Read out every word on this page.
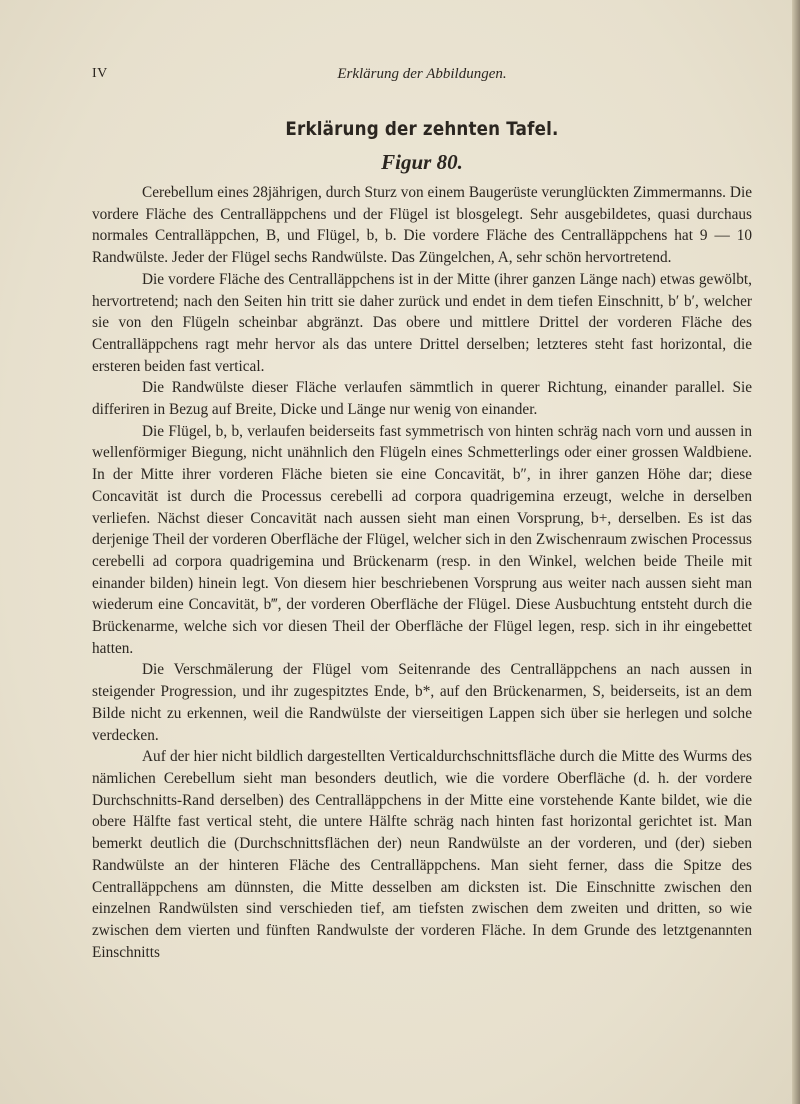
IV	Erklärung der Abbildungen.
Erklärung der zehnten Tafel.
Figur 80.

Cerebellum eines 28jährigen, durch Sturz von einem Baugerüste verunglückten Zimmermanns. Die vordere Fläche des Centralläppchens und der Flügel ist blosgelegt. Sehr ausgebildetes, quasi durchaus normales Centralläppchen, B, und Flügel, b, b. Die vordere Fläche des Centralläppchens hat 9 — 10 Randwülste. Jeder der Flügel sechs Randwülste. Das Züngelchen, A, sehr schön hervortretend.

Die vordere Fläche des Centralläppchens ist in der Mitte (ihrer ganzen Länge nach) etwas gewölbt, hervortretend; nach den Seiten hin tritt sie daher zurück und endet in dem tiefen Einschnitt, b′ b′, welcher sie von den Flügeln scheinbar abgränzt. Das obere und mittlere Drittel der vorderen Fläche des Centralläppchens ragt mehr hervor als das untere Drittel derselben; letzteres steht fast horizontal, die ersteren beiden fast vertical.

Die Randwülste dieser Fläche verlaufen sämmtlich in querer Richtung, einander parallel. Sie differiren in Bezug auf Breite, Dicke und Länge nur wenig von einander.

Die Flügel, b, b, verlaufen beiderseits fast symmetrisch von hinten schräg nach vorn und aussen in wellenförmiger Biegung, nicht unähnlich den Flügeln eines Schmetterlings oder einer grossen Waldbiene. In der Mitte ihrer vorderen Fläche bieten sie eine Concavität, b″, in ihrer ganzen Höhe dar; diese Concavität ist durch die Processus cerebelli ad corpora quadrigemina erzeugt, welche in derselben verliefen. Nächst dieser Concavität nach aussen sieht man einen Vorsprung, b+, derselben. Es ist das derjenige Theil der vorderen Oberfläche der Flügel, welcher sich in den Zwischenraum zwischen Processus cerebelli ad corpora quadrigemina und Brückenarm (resp. in den Winkel, welchen beide Theile mit einander bilden) hinein legt. Von diesem hier beschriebenen Vorsprung aus weiter nach aussen sieht man wiederum eine Concavität, b‴, der vorderen Oberfläche der Flügel. Diese Ausbuchtung entsteht durch die Brückenarme, welche sich vor diesen Theil der Oberfläche der Flügel legen, resp. sich in ihr eingebettet hatten.

Die Verschmälerung der Flügel vom Seitenrande des Centralläppchens an nach aussen in steigender Progression, und ihr zugespitztes Ende, b*, auf den Brückenarmen, S, beiderseits, ist an dem Bilde nicht zu erkennen, weil die Randwülste der vierseitigen Lappen sich über sie herlegen und solche verdecken.

Auf der hier nicht bildlich dargestellten Verticaldurchschnittsfläche durch die Mitte des Wurms des nämlichen Cerebellum sieht man besonders deutlich, wie die vordere Oberfläche (d. h. der vordere Durchschnitts-Rand derselben) des Centralläppchens in der Mitte eine vorstehende Kante bildet, wie die obere Hälfte fast vertical steht, die untere Hälfte schräg nach hinten fast horizontal gerichtet ist. Man bemerkt deutlich die (Durchschnittsflächen der) neun Randwülste an der vorderen, und (der) sieben Randwülste an der hinteren Fläche des Centralläppchens. Man sieht ferner, dass die Spitze des Centralläppchens am dünnsten, die Mitte desselben am dicksten ist. Die Einschnitte zwischen den einzelnen Randwülsten sind verschieden tief, am tiefsten zwischen dem zweiten und dritten, so wie zwischen dem vierten und fünften Randwulste der vorderen Fläche. In dem Grunde des letztgenannten Einschnitts
